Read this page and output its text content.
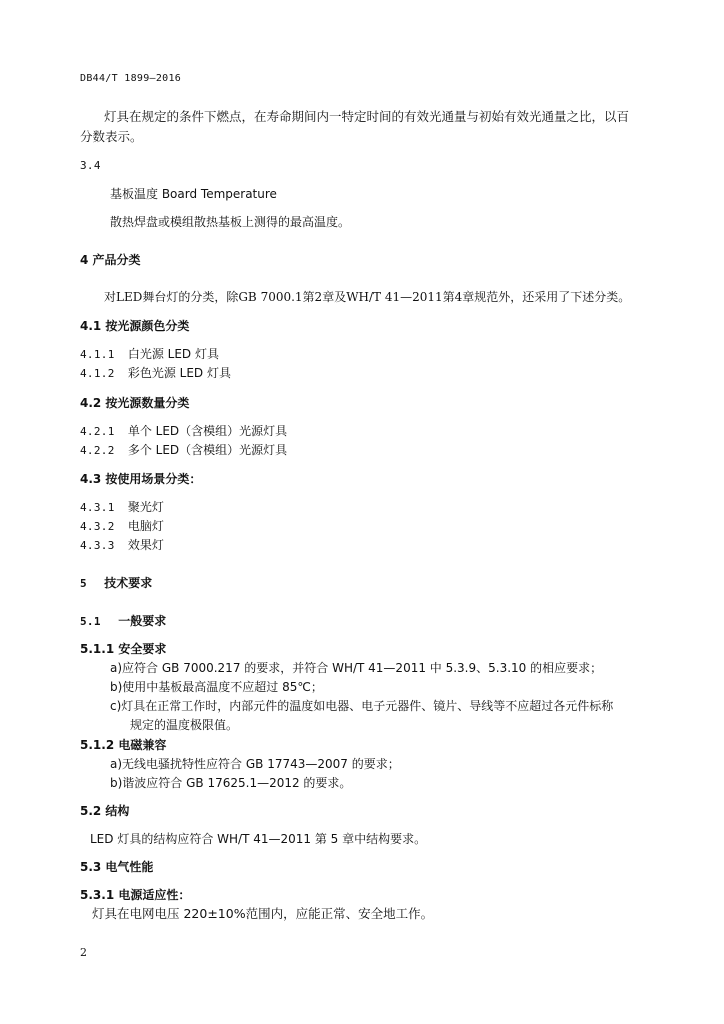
DB44/T 1899—2016
灯具在规定的条件下燃点，在寿命期间内一特定时间的有效光通量与初始有效光通量之比，以百
分数表示。
3.4
基板温度 Board Temperature
散热焊盘或模组散热基板上测得的最高温度。
4 产品分类
对LED舞台灯的分类，除GB 7000.1第2章及WH/T 41—2011第4章规范外，还采用了下述分类。
4.1 按光源颜色分类
4.1.1 白光源 LED 灯具
4.1.2 彩色光源 LED 灯具
4.2 按光源数量分类
4.2.1 单个 LED（含模组）光源灯具
4.2.2 多个 LED（含模组）光源灯具
4.3 按使用场景分类：
4.3.1 聚光灯
4.3.2 电脑灯
4.3.3 效果灯
5 技术要求
5.1 一般要求
5.1.1 安全要求
a)应符合 GB 7000.217 的要求，并符合 WH/T 41—2011 中 5.3.9、5.3.10 的相应要求；
b)使用中基板最高温度不应超过 85℃；
c)灯具在正常工作时，内部元件的温度如电器、电子元器件、镜片、导线等不应超过各元件标称
规定的温度极限值。
5.1.2 电磁兼容
a)无线电骚扰特性应符合 GB 17743—2007 的要求；
b)谐波应符合 GB 17625.1—2012 的要求。
5.2 结构
LED 灯具的结构应符合 WH/T 41—2011 第 5 章中结构要求。
5.3 电气性能
5.3.1 电源适应性：
灯具在电网电压 220±10%范围内，应能正常、安全地工作。
2
